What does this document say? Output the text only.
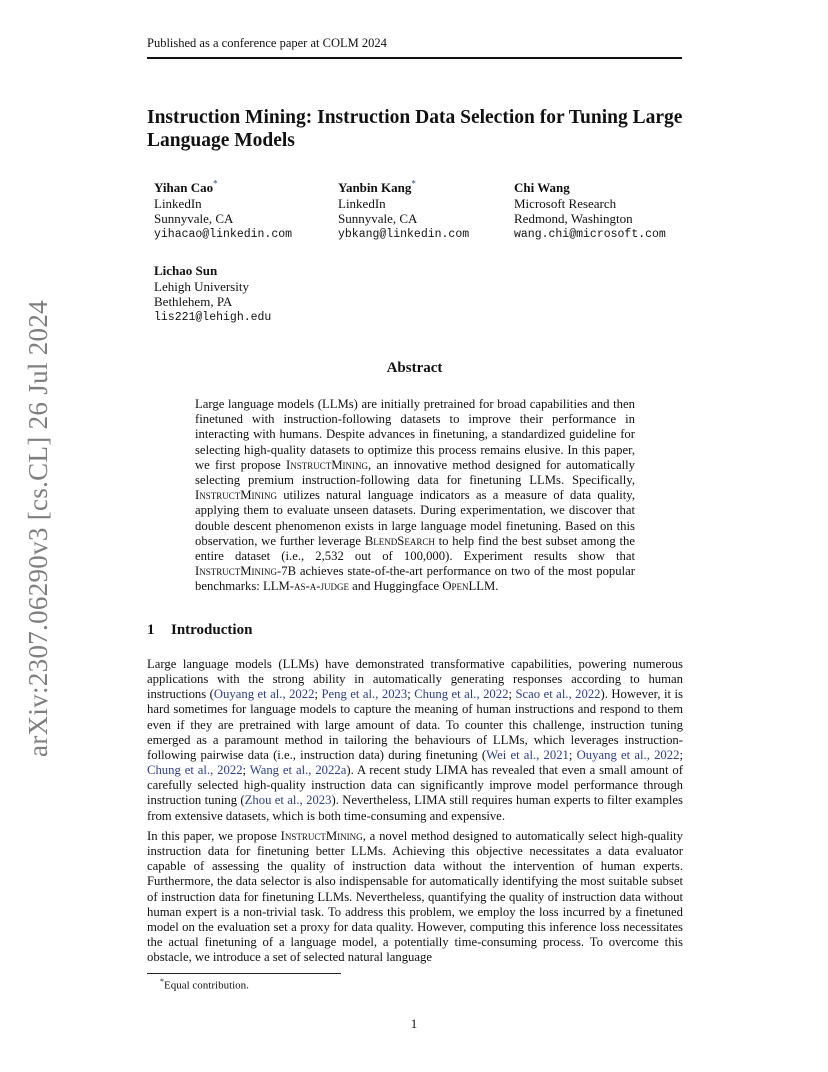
Published as a conference paper at COLM 2024
arXiv:2307.06290v3 [cs.CL] 26 Jul 2024
Instruction Mining: Instruction Data Selection for Tuning Large Language Models
Yihan Cao*
LinkedIn
Sunnyvale, CA
yihacao@linkedin.com
Yanbin Kang*
LinkedIn
Sunnyvale, CA
ybkang@linkedin.com
Chi Wang
Microsoft Research
Redmond, Washington
wang.chi@microsoft.com
Lichao Sun
Lehigh University
Bethlehem, PA
lis221@lehigh.edu
Abstract
Large language models (LLMs) are initially pretrained for broad capabilities and then finetuned with instruction-following datasets to improve their performance in interacting with humans. Despite advances in finetuning, a standardized guideline for selecting high-quality datasets to optimize this process remains elusive. In this paper, we first propose InstructMining, an innovative method designed for automatically selecting premium instruction-following data for finetuning LLMs. Specifically, InstructMining utilizes natural language indicators as a measure of data quality, applying them to evaluate unseen datasets. During experimentation, we discover that double descent phenomenon exists in large language model finetuning. Based on this observation, we further leverage BlendSearch to help find the best subset among the entire dataset (i.e., 2,532 out of 100,000). Experiment results show that InstructMining-7B achieves state-of-the-art performance on two of the most popular benchmarks: LLM-as-a-judge and Huggingface OpenLLM.
1 Introduction
Large language models (LLMs) have demonstrated transformative capabilities, powering numerous applications with the strong ability in automatically generating responses according to human instructions (Ouyang et al., 2022; Peng et al., 2023; Chung et al., 2022; Scao et al., 2022). However, it is hard sometimes for language models to capture the meaning of human instructions and respond to them even if they are pretrained with large amount of data. To counter this challenge, instruction tuning emerged as a paramount method in tailoring the behaviours of LLMs, which leverages instruction-following pairwise data (i.e., instruction data) during finetuning (Wei et al., 2021; Ouyang et al., 2022; Chung et al., 2022; Wang et al., 2022a). A recent study LIMA has revealed that even a small amount of carefully selected high-quality instruction data can significantly improve model performance through instruction tuning (Zhou et al., 2023). Nevertheless, LIMA still requires human experts to filter examples from extensive datasets, which is both time-consuming and expensive.
In this paper, we propose InstructMining, a novel method designed to automatically select high-quality instruction data for finetuning better LLMs. Achieving this objective necessitates a data evaluator capable of assessing the quality of instruction data without the intervention of human experts. Furthermore, the data selector is also indispensable for automatically identifying the most suitable subset of instruction data for finetuning LLMs. Nevertheless, quantifying the quality of instruction data without human expert is a non-trivial task. To address this problem, we employ the loss incurred by a finetuned model on the evaluation set a proxy for data quality. However, computing this inference loss necessitates the actual finetuning of a language model, a potentially time-consuming process. To overcome this obstacle, we introduce a set of selected natural language
*Equal contribution.
1
